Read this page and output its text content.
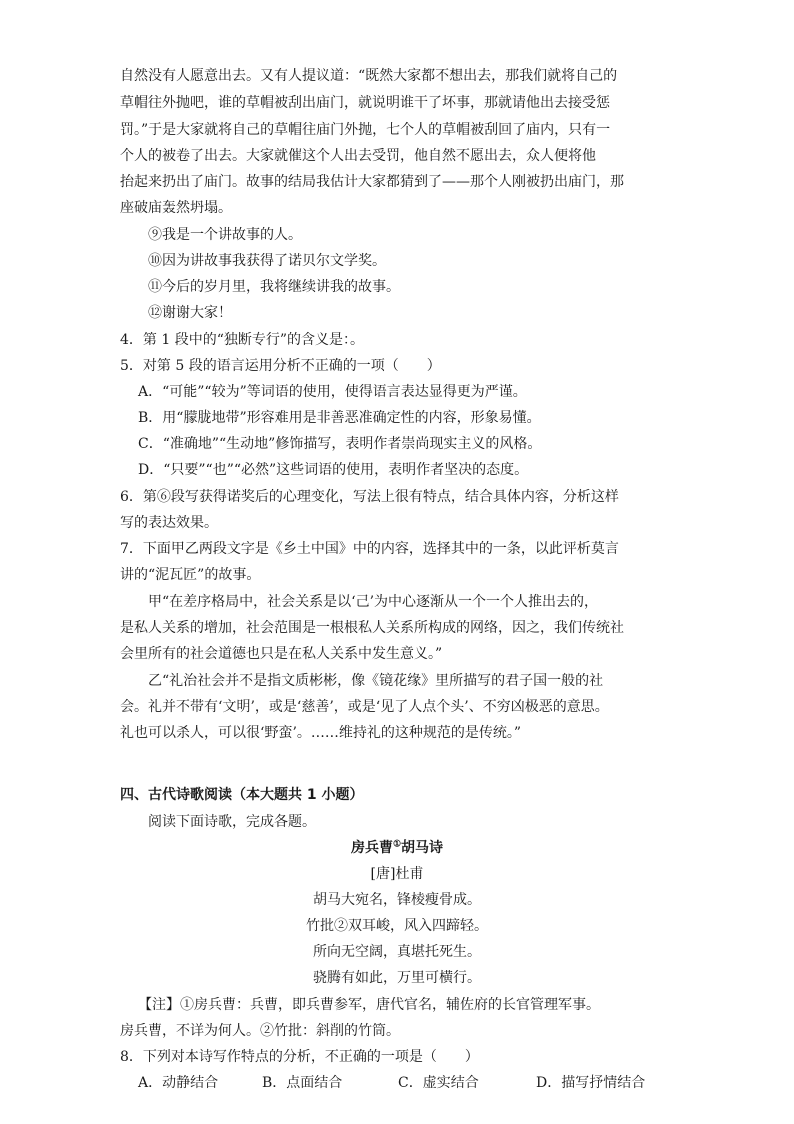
自然没有人愿意出去。又有人提议道：“既然大家都不想出去，那我们就将自己的
草帽往外抛吧，谁的草帽被刮出庙门，就说明谁干了坏事，那就请他出去接受惩
罚。”于是大家就将自己的草帽往庙门外抛，七个人的草帽被刮回了庙内，只有一
个人的被卷了出去。大家就催这个人出去受罚，他自然不愿出去，众人便将他
抬起来扔出了庙门。故事的结局我估计大家都猜到了——那个人刚被扔出庙门，那
座破庙轰然坍塌。
⑨我是一个讲故事的人。
⑩因为讲故事我获得了诺贝尔文学奖。
⑪今后的岁月里，我将继续讲我的故事。
⑫谢谢大家！
4．第 1 段中的“独断专行”的含义是：。
5．对第 5 段的语言运用分析不正确的一项（　　）
A．“可能”“较为”等词语的使用，使得语言表达显得更为严谨。
B．用“朦胧地带”形容难用是非善恶准确定性的内容，形象易懂。
C．“准确地”“生动地”修饰描写，表明作者崇尚现实主义的风格。
D．“只要”“也”“必然”这些词语的使用，表明作者坚决的态度。
6．第⑥段写获得诺奖后的心理变化，写法上很有特点，结合具体内容，分析这样
写的表达效果。
7．下面甲乙两段文字是《乡土中国》中的内容，选择其中的一条，以此评析莫言
讲的“泥瓦匠”的故事。
甲“在差序格局中，社会关系是以‘己’为中心逐渐从一个一个人推出去的，
是私人关系的增加，社会范围是一根根私人关系所构成的网络，因之，我们传统社
会里所有的社会道德也只是在私人关系中发生意义。”
乙“礼治社会并不是指文质彬彬，像《镜花缘》里所描写的君子国一般的社
会。礼并不带有‘文明’，或是‘慈善’，或是‘见了人点个头’、不穷凶极恶的意思。
礼也可以杀人，可以很‘野蛮’。……维持礼的这种规范的是传统。”
四、古代诗歌阅读（本大题共 1 小题）
阅读下面诗歌，完成各题。
房兵曹①胡马诗
[唐]杜甫
胡马大宛名，锋棱瘦骨成。
竹批②双耳峻，风入四蹄轻。
所向无空阔，真堪托死生。
骁腾有如此，万里可横行。
【注】①房兵曹：兵曹，即兵曹参军，唐代官名，辅佐府的长官管理军事。
房兵曹，不详为何人。②竹批：斜削的竹筒。
8．下列对本诗写作特点的分析，不正确的一项是（　　）
A．动静结合	B．点面结合	C．虚实结合	D．描写抒情结合
